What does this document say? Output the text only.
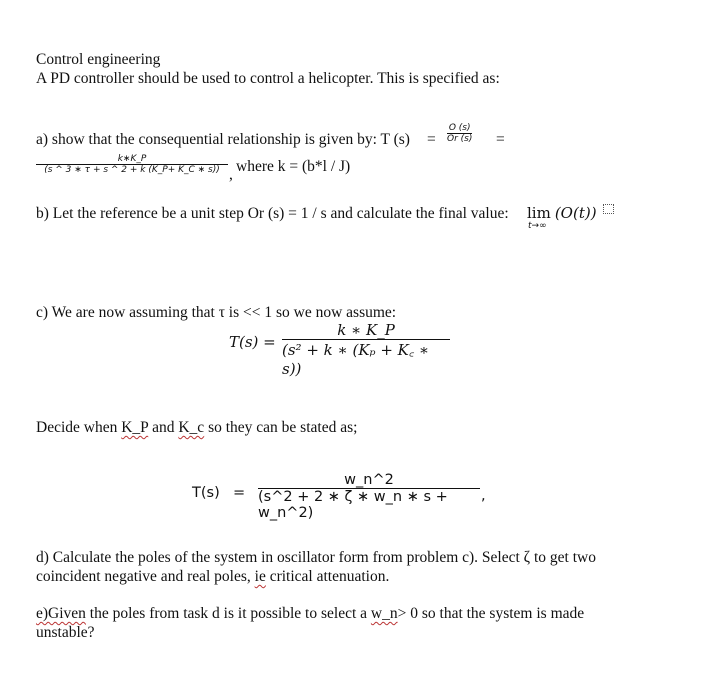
Control engineering
A PD controller should be used to control a helicopter. This is specified as:
a) show that the consequential relationship is given by: T (s) =
O (s)
Or (s) =
k∗K_P
(s ^ 3 ∗ τ + s ^ 2 + k (K_P+ K_C ∗ s)) , where k = (b*l / J)
b) Let the reference be a unit step Or (s) = 1 / s and calculate the final value: lim (O(t))
t→∞
c) We are now assuming that τ is << 1 so we now assume:
T(s) =
k ∗ K_P
(s² + k ∗ (Kₚ + K꜀ ∗ s))
Decide when K_P and K_c so they can be stated as;
T(s) =
w_n^2
(s^2 + 2 ∗ ζ ∗ w_n ∗ s + w_n^2)
,
d) Calculate the poles of the system in oscillator form from problem c). Select ζ to get two
coincident negative and real poles, ie critical attenuation.
e)Given the poles from task d is it possible to select a w_n> 0 so that the system is made
unstable?
